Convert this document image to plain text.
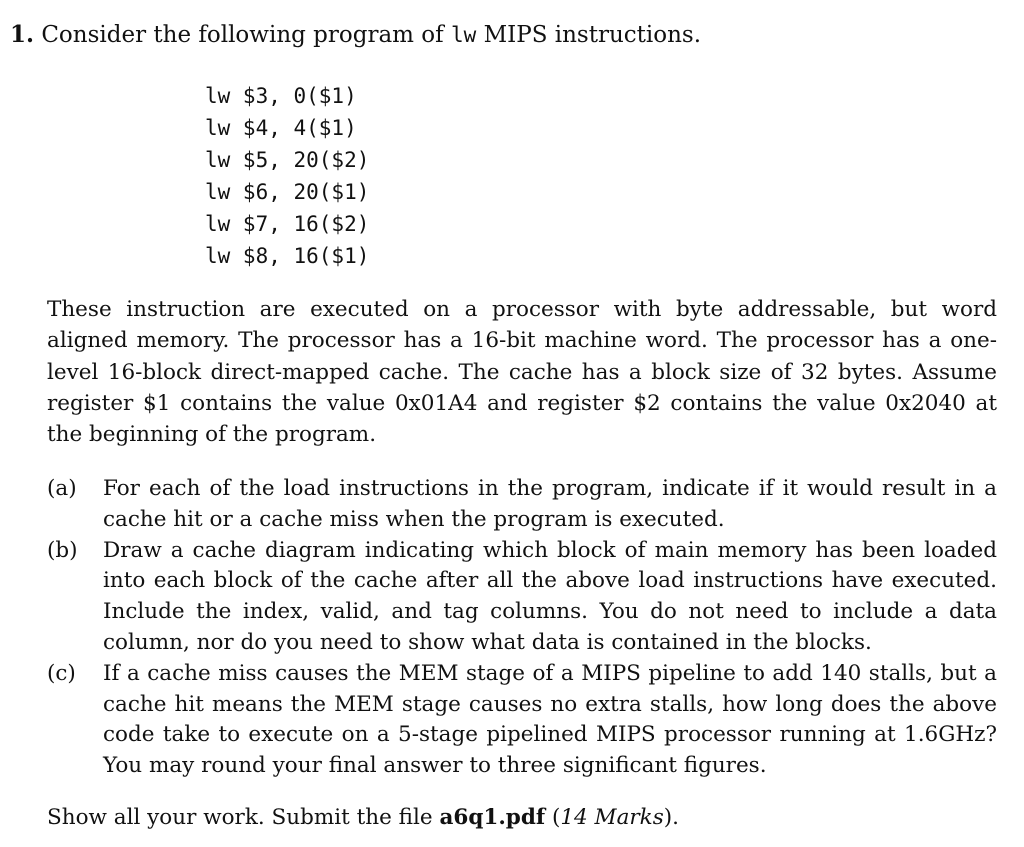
1. Consider the following program of lw MIPS instructions.
lw $3, 0($1)
lw $4, 4($1)
lw $5, 20($2)
lw $6, 20($1)
lw $7, 16($2)
lw $8, 16($1)

These instruction are executed on a processor with byte addressable, but word aligned memory. The processor has a 16-bit machine word. The processor has a one-level 16-block direct-mapped cache. The cache has a block size of 32 bytes. Assume register $1 contains the value 0x01A4 and register $2 contains the value 0x2040 at the beginning of the program.

(a) For each of the load instructions in the program, indicate if it would result in a cache hit or a cache miss when the program is executed.
(b) Draw a cache diagram indicating which block of main memory has been loaded into each block of the cache after all the above load instructions have executed. Include the index, valid, and tag columns. You do not need to include a data column, nor do you need to show what data is contained in the blocks.
(c) If a cache miss causes the MEM stage of a MIPS pipeline to add 140 stalls, but a cache hit means the MEM stage causes no extra stalls, how long does the above code take to execute on a 5-stage pipelined MIPS processor running at 1.6GHz? You may round your final answer to three significant figures.
Show all your work. Submit the file a6q1.pdf (14 Marks).
